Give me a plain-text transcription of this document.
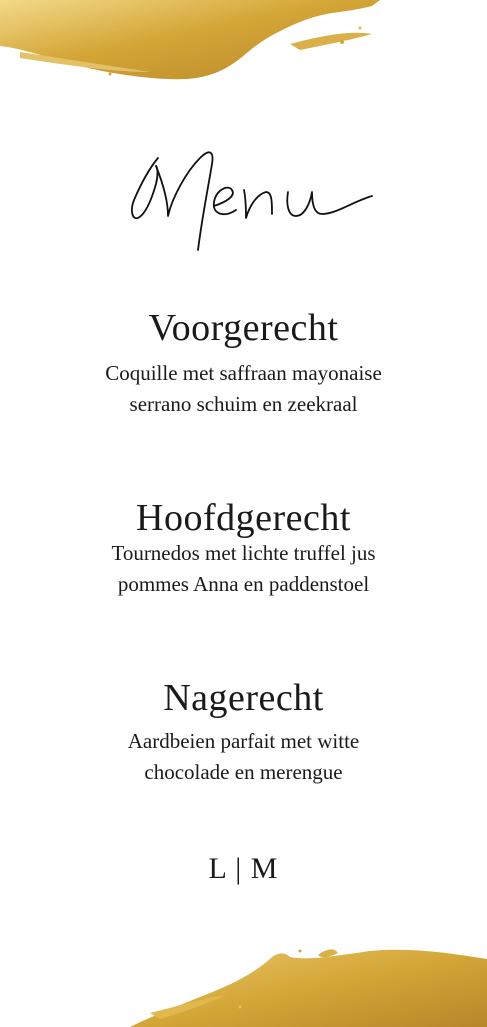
Voorgerecht

Coquille met saffraan mayonaise

serrano schuim en zeekraal

Hoofdgerecht

Tournedos met lichte truffel jus

pommes Anna en paddenstoel

Nagerecht

Aardbeien parfait met witte

chocolade en merengue

L | M
